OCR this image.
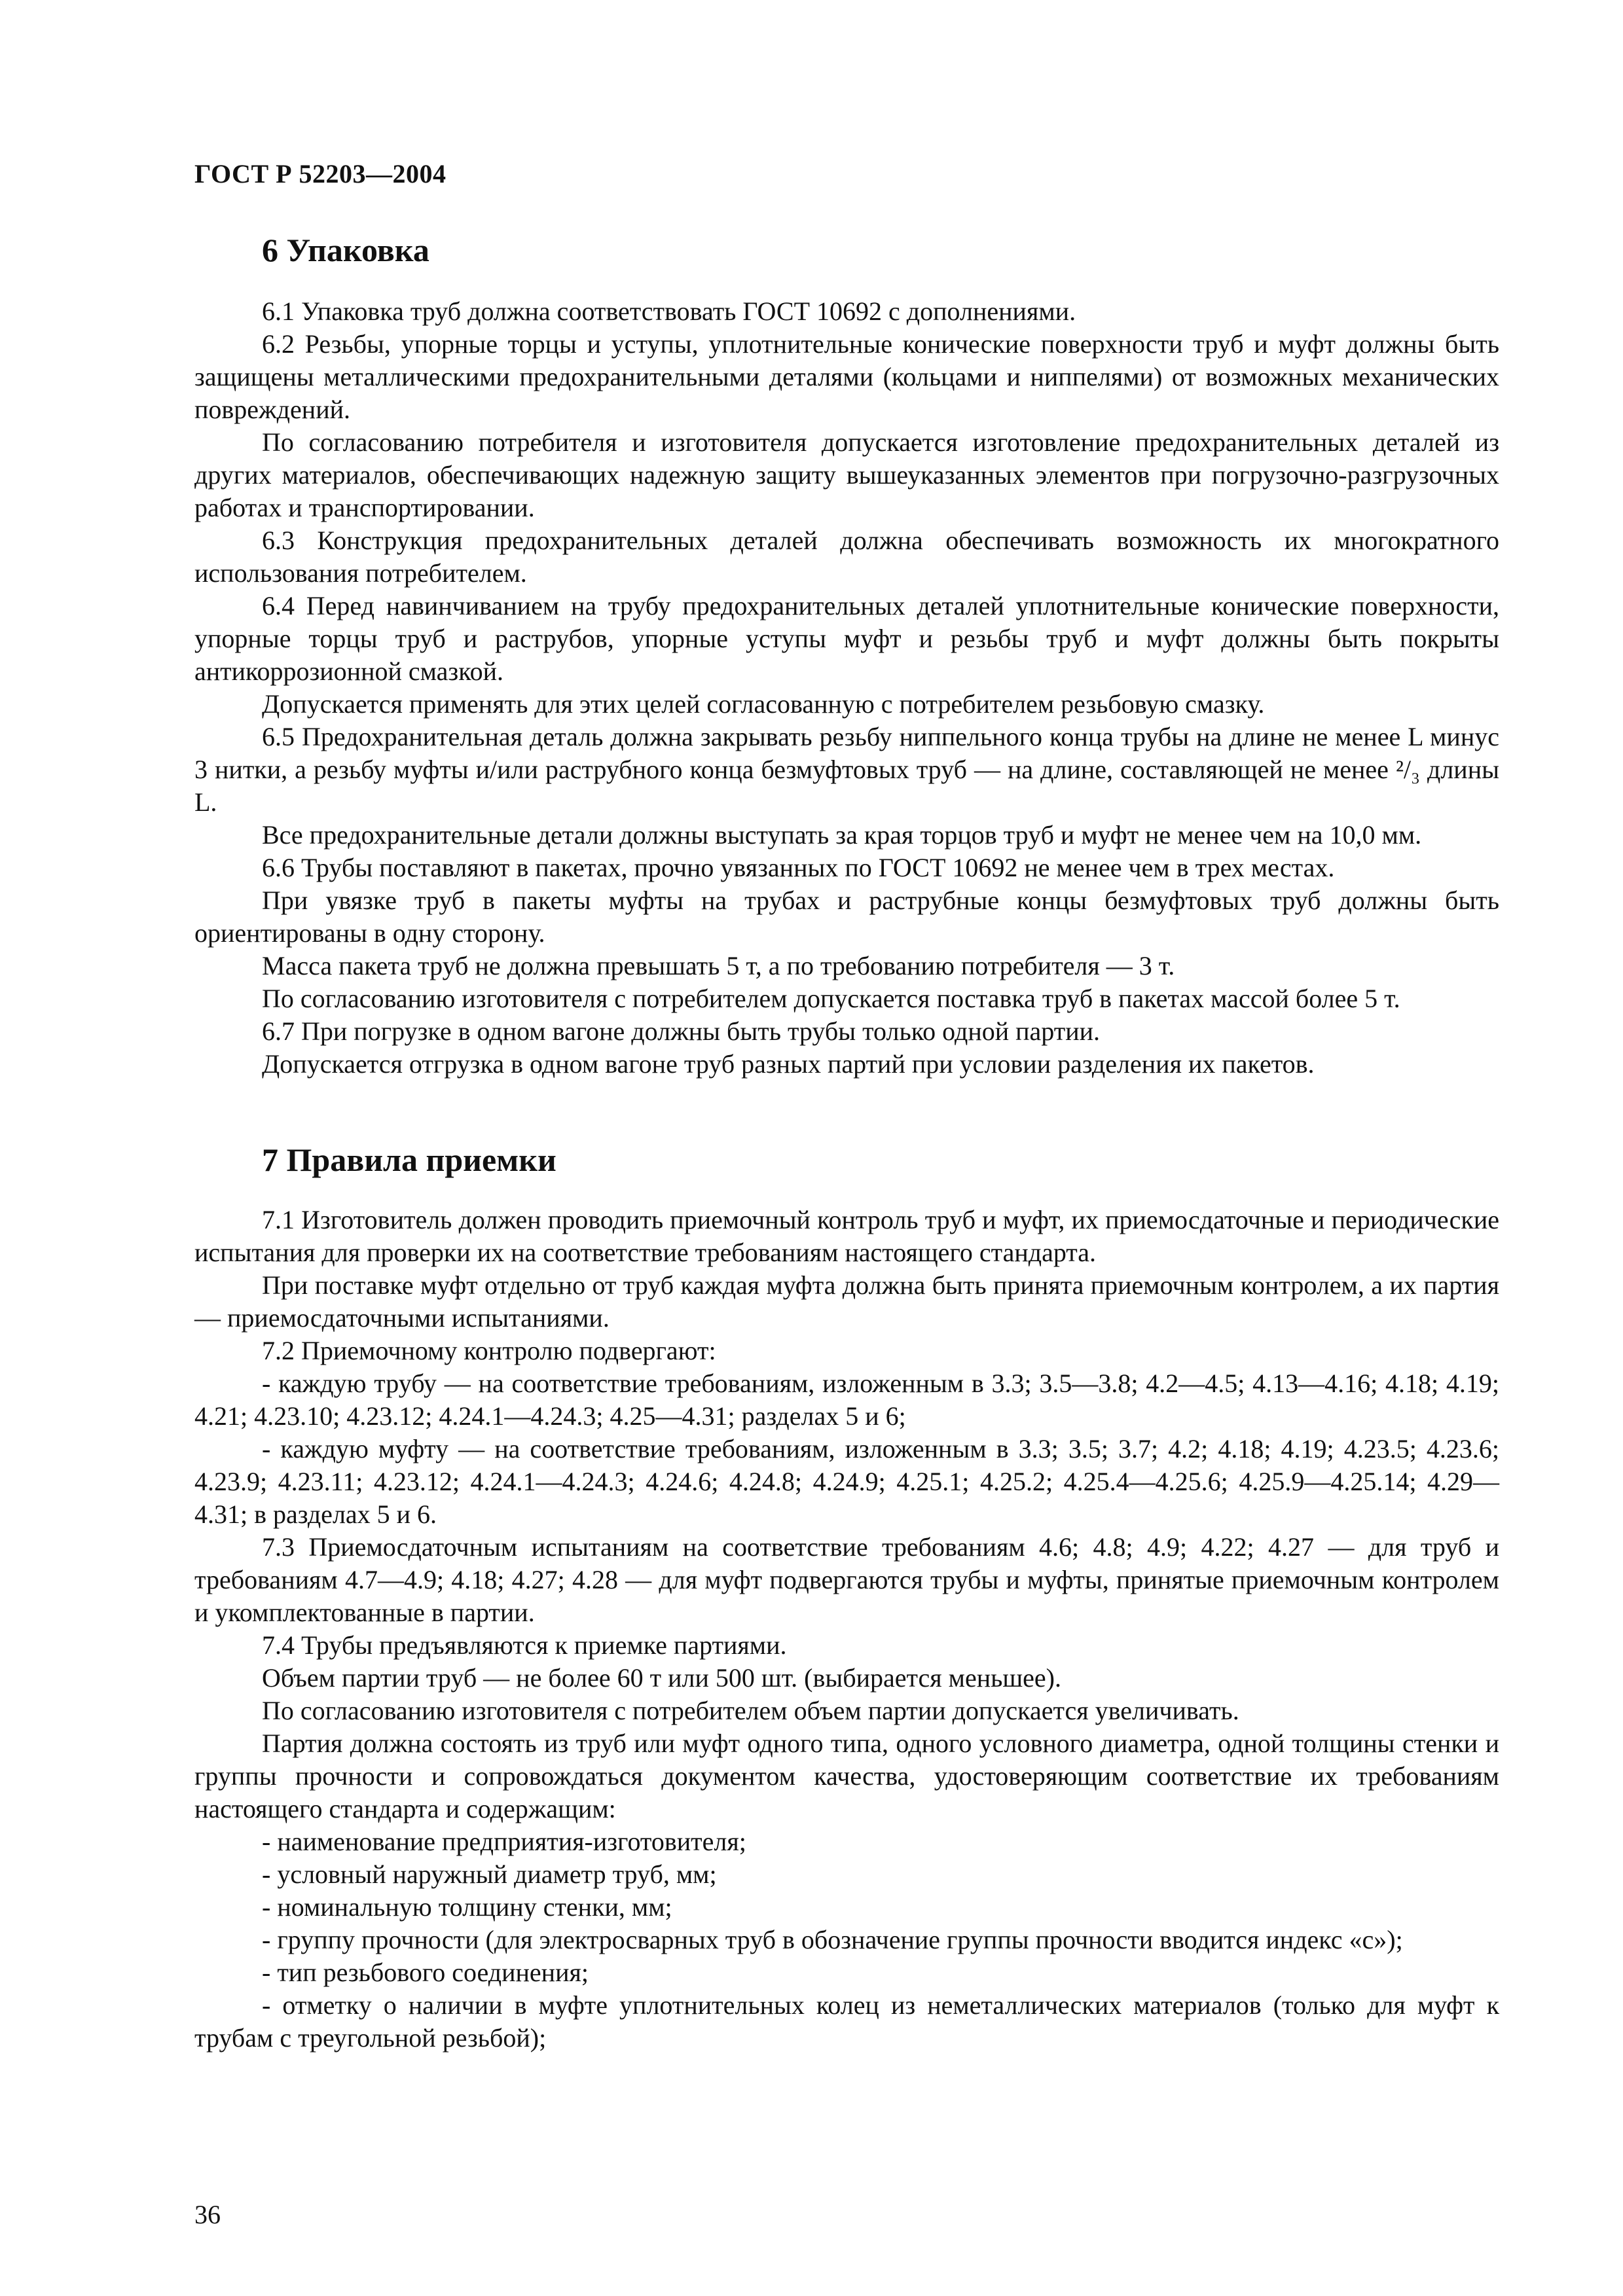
ГОСТ Р 52203—2004
6 Упаковка

6.1 Упаковка труб должна соответствовать ГОСТ 10692 с дополнениями.

6.2 Резьбы, упорные торцы и уступы, уплотнительные конические поверхности труб и муфт должны быть защищены металлическими предохранительными деталями (кольцами и ниппелями) от возможных механических повреждений.

По согласованию потребителя и изготовителя допускается изготовление предохранительных деталей из других материалов, обеспечивающих надежную защиту вышеуказанных элементов при погрузочно-разгрузочных работах и транспортировании.

6.3 Конструкция предохранительных деталей должна обеспечивать возможность их многократного использования потребителем.

6.4 Перед навинчиванием на трубу предохранительных деталей уплотнительные конические поверхности, упорные торцы труб и раструбов, упорные уступы муфт и резьбы труб и муфт должны быть покрыты антикоррозионной смазкой.

Допускается применять для этих целей согласованную с потребителем резьбовую смазку.

6.5 Предохранительная деталь должна закрывать резьбу ниппельного конца трубы на длине не менее L минус 3 нитки, а резьбу муфты и/или раструбного конца безмуфтовых труб — на длине, составляющей не менее ²/₃ длины L.

Все предохранительные детали должны выступать за края торцов труб и муфт не менее чем на 10,0 мм.

6.6 Трубы поставляют в пакетах, прочно увязанных по ГОСТ 10692 не менее чем в трех местах.

При увязке труб в пакеты муфты на трубах и раструбные концы безмуфтовых труб должны быть ориентированы в одну сторону.

Масса пакета труб не должна превышать 5 т, а по требованию потребителя — 3 т.

По согласованию изготовителя с потребителем допускается поставка труб в пакетах массой более 5 т.

6.7 При погрузке в одном вагоне должны быть трубы только одной партии.

Допускается отгрузка в одном вагоне труб разных партий при условии разделения их пакетов.

7 Правила приемки

7.1 Изготовитель должен проводить приемочный контроль труб и муфт, их приемосдаточные и периодические испытания для проверки их на соответствие требованиям настоящего стандарта.

При поставке муфт отдельно от труб каждая муфта должна быть принята приемочным контролем, а их партия — приемосдаточными испытаниями.

7.2 Приемочному контролю подвергают:

- каждую трубу — на соответствие требованиям, изложенным в 3.3; 3.5—3.8; 4.2—4.5; 4.13—4.16; 4.18; 4.19; 4.21; 4.23.10; 4.23.12; 4.24.1—4.24.3; 4.25—4.31; разделах 5 и 6;

- каждую муфту — на соответствие требованиям, изложенным в 3.3; 3.5; 3.7; 4.2; 4.18; 4.19; 4.23.5; 4.23.6; 4.23.9; 4.23.11; 4.23.12; 4.24.1—4.24.3; 4.24.6; 4.24.8; 4.24.9; 4.25.1; 4.25.2; 4.25.4—4.25.6; 4.25.9—4.25.14; 4.29—4.31; в разделах 5 и 6.

7.3 Приемосдаточным испытаниям на соответствие требованиям 4.6; 4.8; 4.9; 4.22; 4.27 — для труб и требованиям 4.7—4.9; 4.18; 4.27; 4.28 — для муфт подвергаются трубы и муфты, принятые приемочным контролем и укомплектованные в партии.

7.4 Трубы предъявляются к приемке партиями.

Объем партии труб — не более 60 т или 500 шт. (выбирается меньшее).

По согласованию изготовителя с потребителем объем партии допускается увеличивать.

Партия должна состоять из труб или муфт одного типа, одного условного диаметра, одной толщины стенки и группы прочности и сопровождаться документом качества, удостоверяющим соответствие их требованиям настоящего стандарта и содержащим:

- наименование предприятия-изготовителя;

- условный наружный диаметр труб, мм;

- номинальную толщину стенки, мм;

- группу прочности (для электросварных труб в обозначение группы прочности вводится индекс «с»);

- тип резьбового соединения;

- отметку о наличии в муфте уплотнительных колец из неметаллических материалов (только для муфт к трубам с треугольной резьбой);

36
